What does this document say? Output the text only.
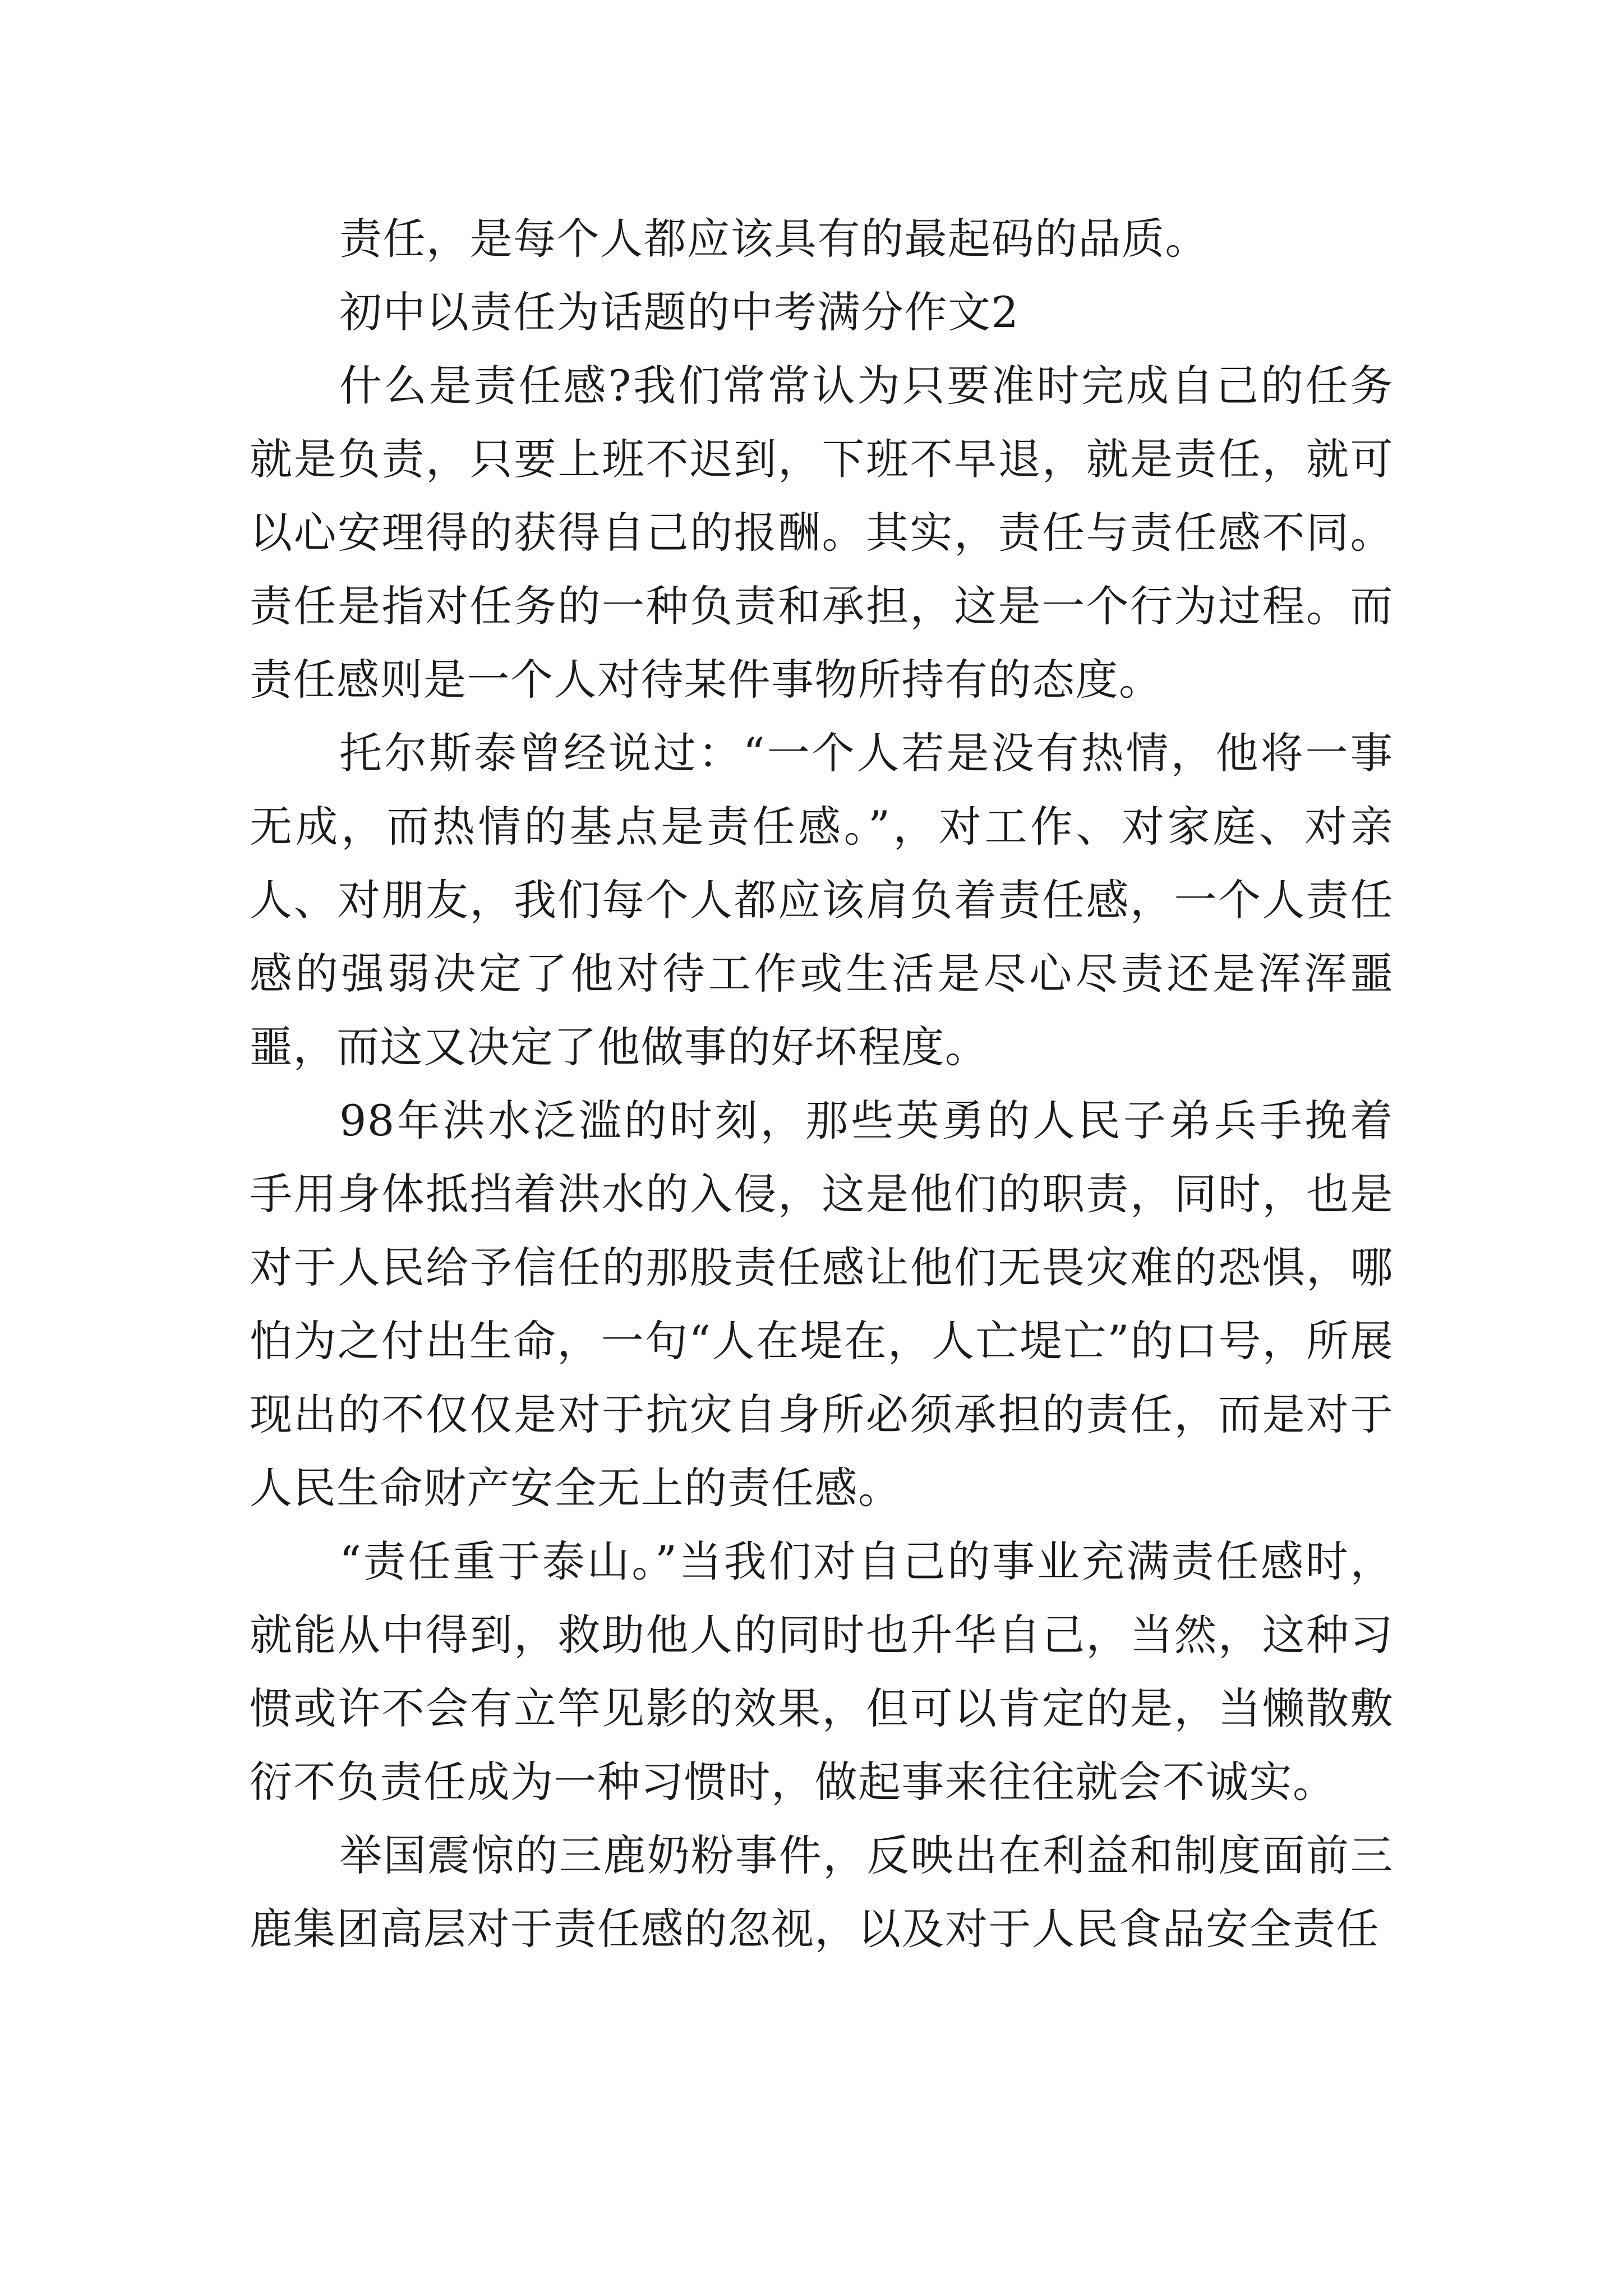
责任，是每个人都应该具有的最起码的品质。

初中以责任为话题的中考满分作文2

什么是责任感?我们常常认为只要准时完成自己的任务就是负责，只要上班不迟到，下班不早退，就是责任，就可以心安理得的获得自己的报酬。其实，责任与责任感不同。责任是指对任务的一种负责和承担，这是一个行为过程。而责任感则是一个人对待某件事物所持有的态度。

托尔斯泰曾经说过：“一个人若是没有热情，他将一事无成，而热情的基点是责任感。”，对工作、对家庭、对亲人、对朋友，我们每个人都应该肩负着责任感，一个人责任感的强弱决定了他对待工作或生活是尽心尽责还是浑浑噩噩，而这又决定了他做事的好坏程度。

98年洪水泛滥的时刻，那些英勇的人民子弟兵手挽着手用身体抵挡着洪水的入侵，这是他们的职责，同时，也是对于人民给予信任的那股责任感让他们无畏灾难的恐惧，哪怕为之付出生命，一句“人在堤在，人亡堤亡”的口号，所展现出的不仅仅是对于抗灾自身所必须承担的责任，而是对于人民生命财产安全无上的责任感。

“责任重于泰山。”当我们对自己的事业充满责任感时，就能从中得到，救助他人的同时也升华自己，当然，这种习惯或许不会有立竿见影的效果，但可以肯定的是，当懒散敷衍不负责任成为一种习惯时，做起事来往往就会不诚实。

举国震惊的三鹿奶粉事件，反映出在利益和制度面前三鹿集团高层对于责任感的忽视，以及对于人民食品安全责任
